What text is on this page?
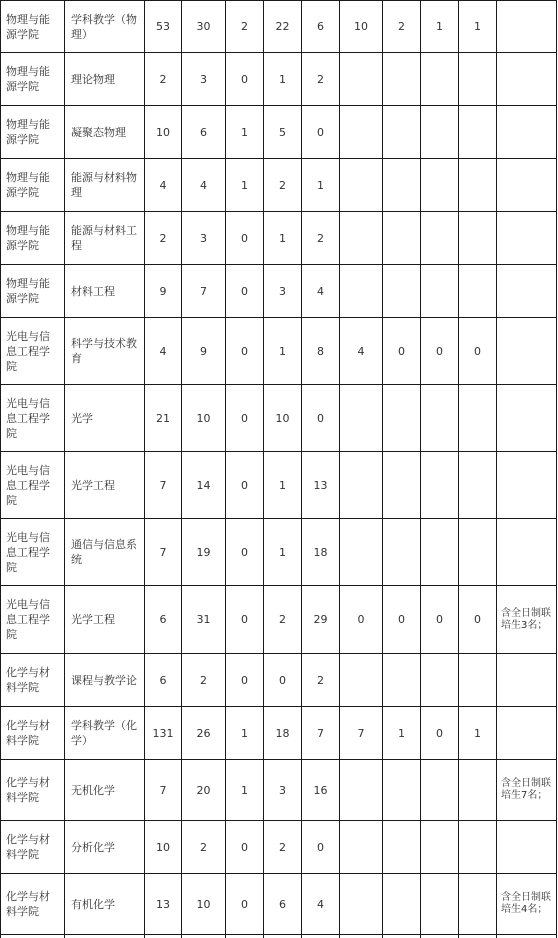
物理与能源学院	学科教学（物理）	53	30	2	22	6	10	2	1	1	
物理与能源学院	理论物理	2	3	0	1	2					
物理与能源学院	凝聚态物理	10	6	1	5	0					
物理与能源学院	能源与材料物理	4	4	1	2	1					
物理与能源学院	能源与材料工程	2	3	0	1	2					
物理与能源学院	材料工程	9	7	0	3	4					
光电与信息工程学院	科学与技术教育	4	9	0	1	8	4	0	0	0	
光电与信息工程学院	光学	21	10	0	10	0					
光电与信息工程学院	光学工程	7	14	0	1	13					
光电与信息工程学院	通信与信息系统	7	19	0	1	18					
光电与信息工程学院	光学工程	6	31	0	2	29	0	0	0	0	含全日制联培生3名；
化学与材料学院	课程与教学论	6	2	0	0	2					
化学与材料学院	学科教学（化学）	131	26	1	18	7	7	1	0	1	
化学与材料学院	无机化学	7	20	1	3	16					含全日制联培生7名；
化学与材料学院	分析化学	10	2	0	2	0					
化学与材料学院	有机化学	13	10	0	6	4					含全日制联培生4名；
